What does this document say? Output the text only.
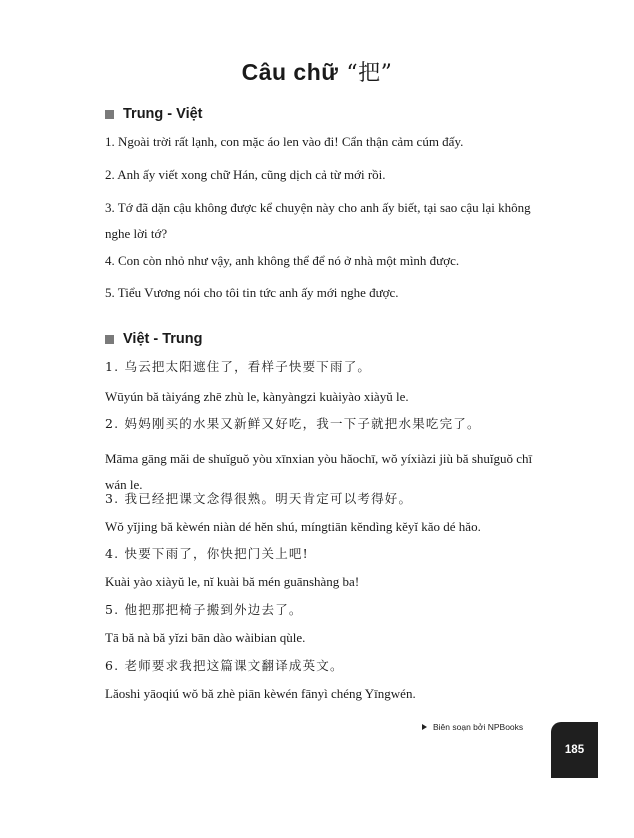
Câu chữ “把”
Trung - Việt
1. Ngoài trời rất lạnh, con mặc áo len vào đi! Cẩn thận cảm cúm đấy.
2. Anh ấy viết xong chữ Hán, cũng dịch cả từ mới rồi.
3. Tớ đã dặn cậu không được kể chuyện này cho anh ấy biết, tại sao cậu lại không nghe lời tớ?
4. Con còn nhỏ như vậy, anh không thể để nó ở nhà một mình được.
5. Tiểu Vương nói cho tôi tin tức anh ấy mới nghe được.
Việt - Trung
1. 乌云把太阳遮住了，看样子快要下雨了。
Wūyún bă tàiyáng zhē zhù le, kànyàngzi kuàiyào xiàyŭ le.
2. 妈妈刚买的水果又新鲜又好吃，我一下子就把水果吃完了。
Māma gāng măi de shuĭguŏ yòu xīnxian yòu hăochī, wŏ yíxiàzi jiù bă shuĭguŏ chī wán le.
3. 我已经把课文念得很熟。明天肯定可以考得好。
Wŏ yĭjing bă kèwén niàn dé hĕn shú, míngtiān kĕndìng kĕyĭ kăo dé hăo.
4. 快要下雨了，你快把门关上吧!
Kuài yào xiàyŭ le, nĭ kuài bă mén guānshàng ba!
5. 他把那把椅子搬到外边去了。
Tā bă nà bă yĭzi bān dào wàibian qùle.
6. 老师要求我把这篇课文翻译成英文。
Lăoshi yāoqiú wŏ bă zhè piān kèwén fānyì chéng Yīngwén.
Biên soạn bởi NPBooks
185
